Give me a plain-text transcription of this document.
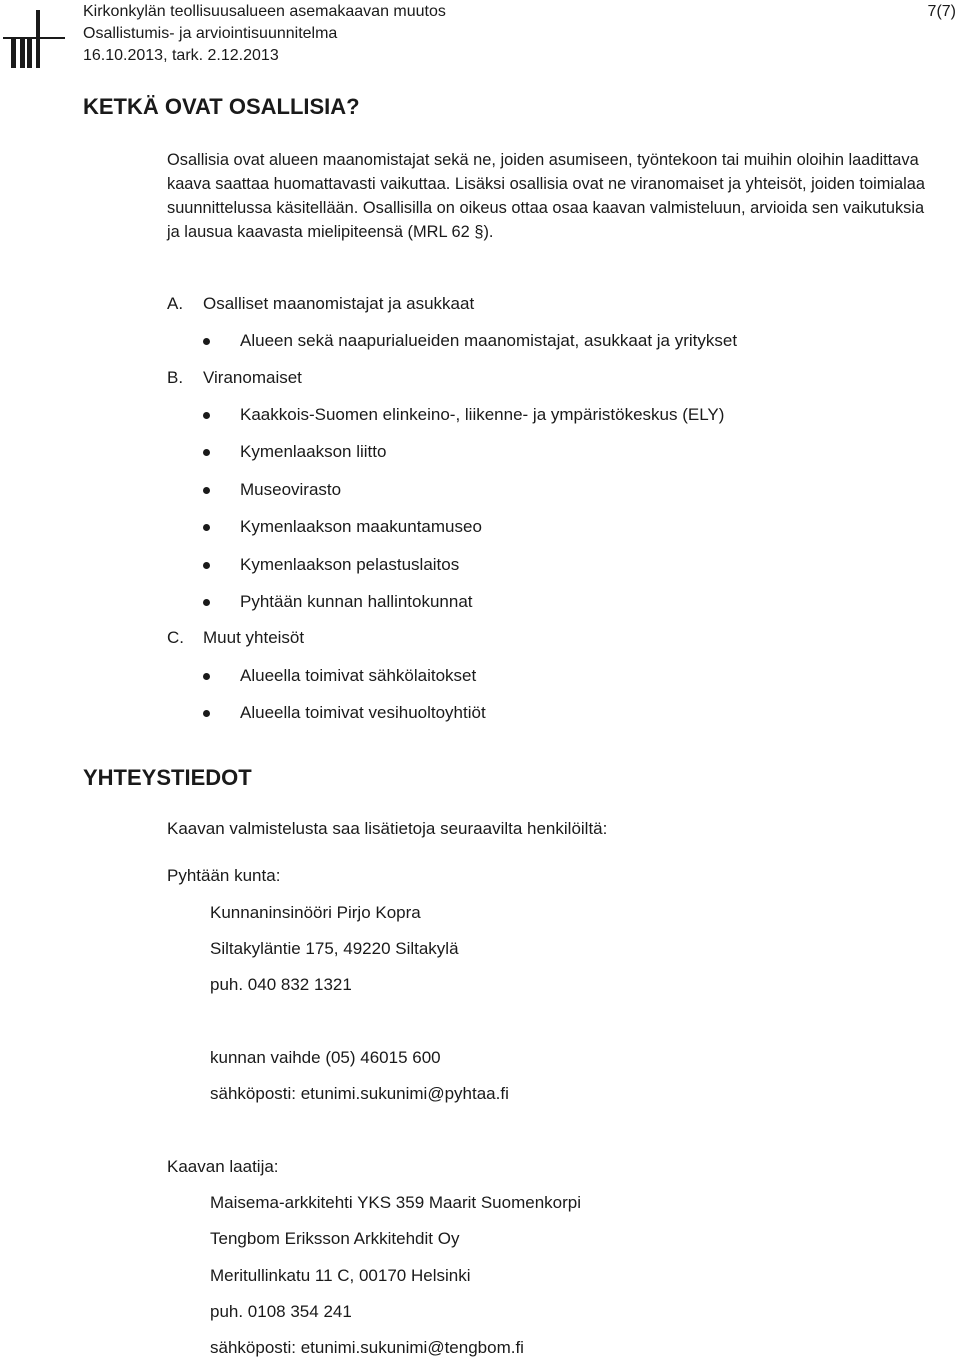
Kirkonkylän teollisuusalueen asemakaavan muutos
Osallistumis- ja arviointisuunnitelma
16.10.2013, tark. 2.12.2013
7(7)
KETKÄ OVAT OSALLISIA?
Osallisia ovat alueen maanomistajat sekä ne, joiden asumiseen, työntekoon tai muihin oloihin laadittava kaava saattaa huomattavasti vaikuttaa. Lisäksi osallisia ovat ne viranomaiset ja yhteisöt, joiden toimialaa suunnittelussa käsitellään. Osallisilla on oikeus ottaa osaa kaavan valmisteluun, arvioida sen vaikutuksia ja lausua kaavasta mielipiteensä (MRL 62 §).
A. Osalliset maanomistajat ja asukkaat
Alueen sekä naapurialueiden maanomistajat, asukkaat ja yritykset
B. Viranomaiset
Kaakkois-Suomen elinkeino-, liikenne- ja ympäristökeskus (ELY)
Kymenlaakson liitto
Museovirasto
Kymenlaakson maakuntamuseo
Kymenlaakson pelastuslaitos
Pyhtään kunnan hallintokunnat
C. Muut yhteisöt
Alueella toimivat sähkölaitokset
Alueella toimivat vesihuoltoyhtiöt
YHTEYSTIEDOT
Kaavan valmistelusta saa lisätietoja seuraavilta henkilöiltä:
Pyhtään kunta:
Kunnaninsinööri Pirjo Kopra
Siltakyläntie 175, 49220 Siltakylä
puh. 040 832 1321
kunnan vaihde (05) 46015 600
sähköposti: etunimi.sukunimi@pyhtaa.fi
Kaavan laatija:
Maisema-arkkitehti YKS 359 Maarit Suomenkorpi
Tengbom Eriksson Arkkitehdit Oy
Meritullinkatu 11 C, 00170 Helsinki
puh. 0108 354 241
sähköposti: etunimi.sukunimi@tengbom.fi
